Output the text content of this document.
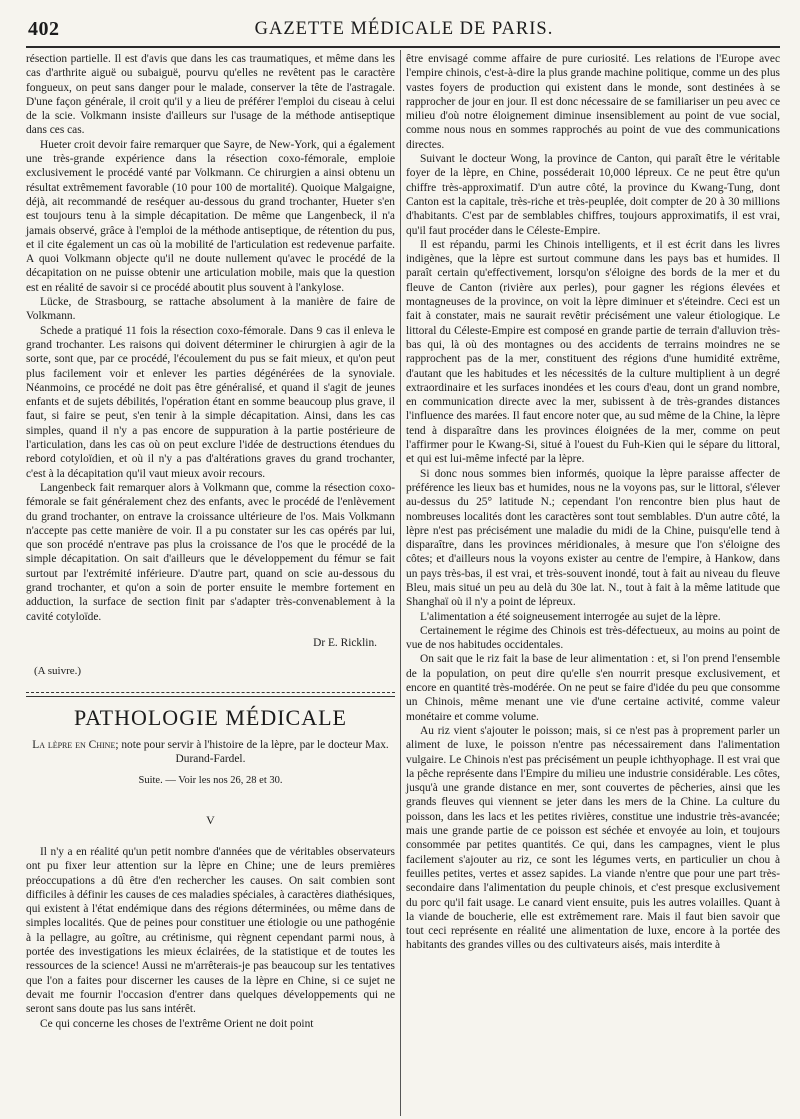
402	GAZETTE MÉDICALE DE PARIS.

résection partielle. Il est d'avis que dans les cas traumatiques, et même dans les cas d'arthrite aiguë ou subaiguë, pourvu qu'elles ne revêtent pas le caractère fongueux, on peut sans danger pour le malade, conserver la tête de l'astragale. D'une façon générale, il croit qu'il y a lieu de préférer l'emploi du ciseau à celui de la scie. Volkmann insiste d'ailleurs sur l'usage de la méthode antiseptique dans ces cas.

Hueter croit devoir faire remarquer que Sayre, de New-York, qui a également une très-grande expérience dans la résection coxo-fémorale, emploie exclusivement le procédé vanté par Volkmann. Ce chirurgien a ainsi obtenu un résultat extrêmement favorable (10 pour 100 de mortalité). Quoique Malgaigne, déjà, ait recommandé de reséquer au-dessous du grand trochanter, Hueter s'en est toujours tenu à la simple décapitation. De même que Langenbeck, il n'a jamais observé, grâce à l'emploi de la méthode antiseptique, de rétention du pus, et il cite également un cas où la mobilité de l'articulation est redevenue parfaite. A quoi Volkmann objecte qu'il ne doute nullement qu'avec le procédé de la décapitation on ne puisse obtenir une articulation mobile, mais que la question est en réalité de savoir si ce procédé aboutit plus souvent à l'ankylose.

Lücke, de Strasbourg, se rattache absolument à la manière de faire de Volkmann.

Schede a pratiqué 11 fois la résection coxo-fémorale. Dans 9 cas il enleva le grand trochanter. Les raisons qui doivent déterminer le chirurgien à agir de la sorte, sont que, par ce procédé, l'écoulement du pus se fait mieux, et qu'on peut plus facilement voir et enlever les parties dégénérées de la synoviale. Néanmoins, ce procédé ne doit pas être généralisé, et quand il s'agit de jeunes enfants et de sujets débilités, l'opération étant en somme beaucoup plus grave, il faut, si faire se peut, s'en tenir à la simple décapitation. Ainsi, dans les cas simples, quand il n'y a pas encore de suppuration à la partie postérieure de l'articulation, dans les cas où on peut exclure l'idée de destructions étendues du rebord cotyloïdien, et où il n'y a pas d'altérations graves du grand trochanter, c'est à la décapitation qu'il vaut mieux avoir recours.

Langenbeck fait remarquer alors à Volkmann que, comme la résection coxo-fémorale se fait généralement chez des enfants, avec le procédé de l'enlèvement du grand trochanter, on entrave la croissance ultérieure de l'os. Mais Volkmann n'accepte pas cette manière de voir. Il a pu constater sur les cas opérés par lui, que son procédé n'entrave pas plus la croissance de l'os que le procédé de la simple décapitation. On sait d'ailleurs que le développement du fémur se fait surtout par l'extrémité inférieure. D'autre part, quand on scie au-dessous du grand trochanter, et qu'on a soin de porter ensuite le membre fortement en adduction, la surface de section finit par s'adapter très-convenablement à la cavité cotyloïde.

Dr E. Ricklin.
(A suivre.)
PATHOLOGIE MÉDICALE
La lèpre en Chine; note pour servir à l'histoire de la lèpre, par le docteur Max. Durand-Fardel.
Suite. — Voir les nos 26, 28 et 30.
V

Il n'y a en réalité qu'un petit nombre d'années que de véritables observateurs ont pu fixer leur attention sur la lèpre en Chine; une de leurs premières préoccupations a dû être d'en rechercher les causes. On sait combien sont difficiles à définir les causes de ces maladies spéciales, à caractères diathésiques, qui existent à l'état endémique dans des régions déterminées, ou même dans de simples localités. Que de peines pour constituer une étiologie ou une pathogénie à la pellagre, au goître, au crétinisme, qui règnent cependant parmi nous, à portée des investigations les mieux éclairées, de la statistique et de toutes les ressources de la science! Aussi ne m'arrêterais-je pas beaucoup sur les tentatives que l'on a faites pour discerner les causes de la lèpre en Chine, si ce sujet ne devait me fournir l'occasion d'entrer dans quelques développements qui ne seront sans doute pas lus sans intérêt.

Ce qui concerne les choses de l'extrême Orient ne doit point

être envisagé comme affaire de pure curiosité. Les relations de l'Europe avec l'empire chinois, c'est-à-dire la plus grande machine politique, comme un des plus vastes foyers de production qui existent dans le monde, sont destinées à se rapprocher de jour en jour. Il est donc nécessaire de se familiariser un peu avec ce milieu d'où notre éloignement diminue insensiblement au point de vue social, comme nous nous en sommes rapprochés au point de vue des communications directes.

Suivant le docteur Wong, la province de Canton, qui paraît être le véritable foyer de la lèpre, en Chine, posséderait 10,000 lépreux. Ce ne peut être qu'un chiffre très-approximatif. D'un autre côté, la province du Kwang-Tung, dont Canton est la capitale, très-riche et très-peuplée, doit compter de 20 à 30 millions d'habitants. C'est par de semblables chiffres, toujours approximatifs, il est vrai, qu'il faut procéder dans le Céleste-Empire.

Il est répandu, parmi les Chinois intelligents, et il est écrit dans les livres indigènes, que la lèpre est surtout commune dans les pays bas et humides. Il paraît certain qu'effectivement, lorsqu'on s'éloigne des bords de la mer et du fleuve de Canton (rivière aux perles), pour gagner les régions élevées et montagneuses de la province, on voit la lèpre diminuer et s'éteindre. Ceci est un fait à constater, mais ne saurait revêtir précisément une valeur étiologique. Le littoral du Céleste-Empire est composé en grande partie de terrain d'alluvion très-bas qui, là où des montagnes ou des accidents de terrains moindres ne se rapprochent pas de la mer, constituent des régions d'une humidité extrême, d'autant que les habitudes et les nécessités de la culture multiplient à un degré extraordinaire et les surfaces inondées et les cours d'eau, dont un grand nombre, en communication directe avec la mer, subissent à de très-grandes distances l'influence des marées. Il faut encore noter que, au sud même de la Chine, la lèpre tend à disparaître dans les provinces éloignées de la mer, comme on peut l'affirmer pour le Kwang-Si, situé à l'ouest du Fuh-Kien qui le sépare du littoral, et qui est lui-même infecté par la lèpre.

Si donc nous sommes bien informés, quoique la lèpre paraisse affecter de préférence les lieux bas et humides, nous ne la voyons pas, sur le littoral, s'élever au-dessus du 25° latitude N.; cependant l'on rencontre bien plus haut de nombreuses localités dont les caractères sont tout semblables. D'un autre côté, la lèpre n'est pas précisément une maladie du midi de la Chine, puisqu'elle tend à disparaître, dans les provinces méridionales, à mesure que l'on s'éloigne des côtes; et d'ailleurs nous la voyons exister au centre de l'empire, à Hankow, dans un pays très-bas, il est vrai, et très-souvent inondé, tout à fait au niveau du fleuve Bleu, mais situé un peu au delà du 30e lat. N., tout à fait à la même latitude que Shanghaï où il n'y a point de lépreux.

L'alimentation a été soigneusement interrogée au sujet de la lèpre.

Certainement le régime des Chinois est très-défectueux, au moins au point de vue de nos habitudes occidentales.

On sait que le riz fait la base de leur alimentation : et, si l'on prend l'ensemble de la population, on peut dire qu'elle s'en nourrit presque exclusivement, et encore en quantité très-modérée. On ne peut se faire d'idée du peu que consomme un Chinois, même menant une vie d'une certaine activité, comme valeur monétaire et comme volume.

Au riz vient s'ajouter le poisson; mais, si ce n'est pas à proprement parler un aliment de luxe, le poisson n'entre pas nécessairement dans l'alimentation vulgaire. Le Chinois n'est pas précisément un peuple ichthyophage. Il est vrai que la pêche représente dans l'Empire du milieu une industrie considérable. Les côtes, jusqu'à une grande distance en mer, sont couvertes de pêcheries, ainsi que les grands fleuves qui viennent se jeter dans les mers de la Chine. La culture du poisson, dans les lacs et les petites rivières, constitue une industrie très-avancée; mais une grande partie de ce poisson est séchée et envoyée au loin, et toujours consommée par petites quantités. Ce qui, dans les campagnes, vient le plus facilement s'ajouter au riz, ce sont les légumes verts, en particulier un chou à feuilles petites, vertes et assez sapides. La viande n'entre que pour une part très-secondaire dans l'alimentation du peuple chinois, et c'est presque exclusivement du porc qu'il fait usage. Le canard vient ensuite, puis les autres volailles. Quant à la viande de boucherie, elle est extrêmement rare. Mais il faut bien savoir que tout ceci représente en réalité une alimentation de luxe, encore à la portée des habitants des grandes villes ou des cultivateurs aisés, mais interdite à
